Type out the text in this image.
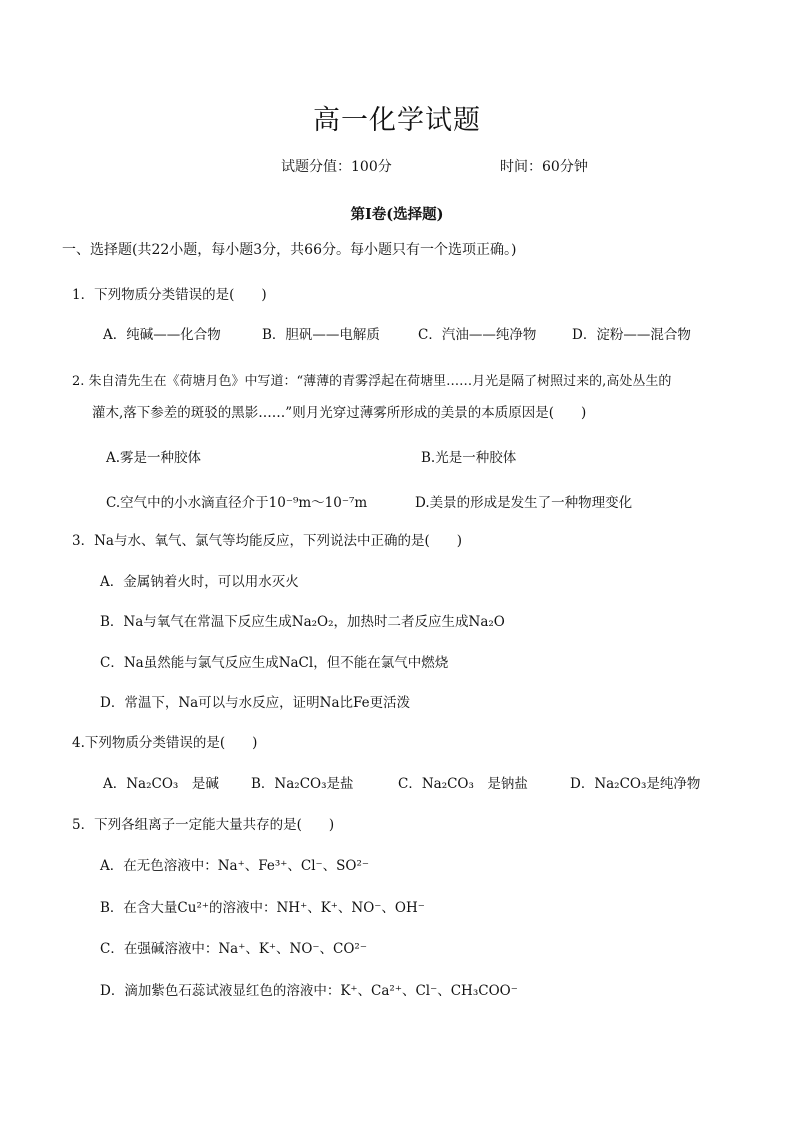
高一化学试题
试题分值：100分	时间：60分钟
第Ⅰ卷(选择题)
一、选择题(共22小题，每小题3分，共66分。每小题只有一个选项正确。)
1．下列物质分类错误的是(　　)
A．纯碱——化合物	B．胆矾——电解质	C．汽油——纯净物	D．淀粉——混合物
2. 朱自清先生在《荷塘月色》中写道：“薄薄的青雾浮起在荷塘里……月光是隔了树照过来的,高处丛生的
灌木,落下参差的斑驳的黑影……”则月光穿过薄雾所形成的美景的本质原因是(　　)
A.雾是一种胶体	B.光是一种胶体
C.空气中的小水滴直径介于10⁻⁹m～10⁻⁷m	D.美景的形成是发生了一种物理变化
3．Na与水、氧气、氯气等均能反应，下列说法中正确的是(　　)
A．金属钠着火时，可以用水灭火
B．Na与氧气在常温下反应生成Na₂O₂，加热时二者反应生成Na₂O
C．Na虽然能与氯气反应生成NaCl，但不能在氯气中燃烧
D．常温下，Na可以与水反应，证明Na比Fe更活泼
4.下列物质分类错误的是(　　)
A．Na₂CO₃　是碱 B．Na₂CO₃是盐	C．Na₂CO₃　是钠盐	D．Na₂CO₃是纯净物
5．下列各组离子一定能大量共存的是(　　)
A．在无色溶液中：Na⁺、Fe³⁺、Cl⁻、SO²⁻
B．在含大量Cu²⁺的溶液中：NH⁺、K⁺、NO⁻、OH⁻
C．在强碱溶液中：Na⁺、K⁺、NO⁻、CO²⁻
D．滴加紫色石蕊试液显红色的溶液中：K⁺、Ca²⁺、Cl⁻、CH₃COO⁻
